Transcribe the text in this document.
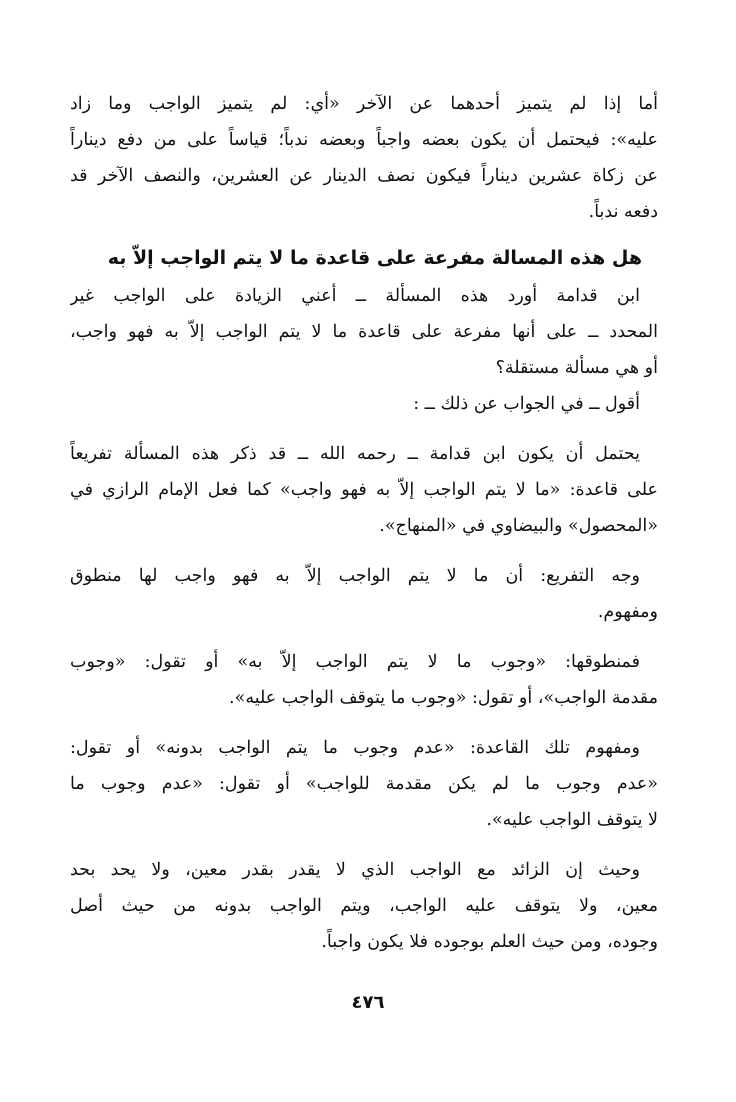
أما إذا لم يتميز أحدهما عن الآخر «أي: لم يتميز الواجب وما زاد
عليه»: فيحتمل أن يكون بعضه واجباً وبعضه ندباً؛ قياساً على من دفع ديناراً
عن زكاة عشرين ديناراً فيكون نصف الدينار عن العشرين، والنصف الآخر قد
دفعه ندباً.
هل هذه المسالة مفرعة على قاعدة ما لا يتم الواجب إلاّ به
ابن قدامة أورد هذه المسألة ــ أعني الزيادة على الواجب غير
المحدد ــ على أنها مفرعة على قاعدة ما لا يتم الواجب إلاّ به فهو واجب،
أو هي مسألة مستقلة؟
أقول ــ في الجواب عن ذلك ــ :
يحتمل أن يكون ابن قدامة ــ رحمه الله ــ قد ذكر هذه المسألة تفريعاً
على قاعدة: «ما لا يتم الواجب إلاّ به فهو واجب» كما فعل الإمام الرازي في
«المحصول» والبيضاوي في «المنهاج».
وجه التفريع: أن ما لا يتم الواجب إلاّ به فهو واجب لها منطوق
ومفهوم.
فمنطوقها: «وجوب ما لا يتم الواجب إلاّ به» أو تقول: «وجوب
مقدمة الواجب»، أو تقول: «وجوب ما يتوقف الواجب عليه».
ومفهوم تلك القاعدة: «عدم وجوب ما يتم الواجب بدونه» أو تقول:
«عدم وجوب ما لم يكن مقدمة للواجب» أو تقول: «عدم وجوب ما
لا يتوقف الواجب عليه».
وحيث إن الزائد مع الواجب الذي لا يقدر بقدر معين، ولا يحد بحد
معين، ولا يتوقف عليه الواجب، ويتم الواجب بدونه من حيث أصل
وجوده، ومن حيث العلم بوجوده فلا يكون واجباً.
٤٧٦
